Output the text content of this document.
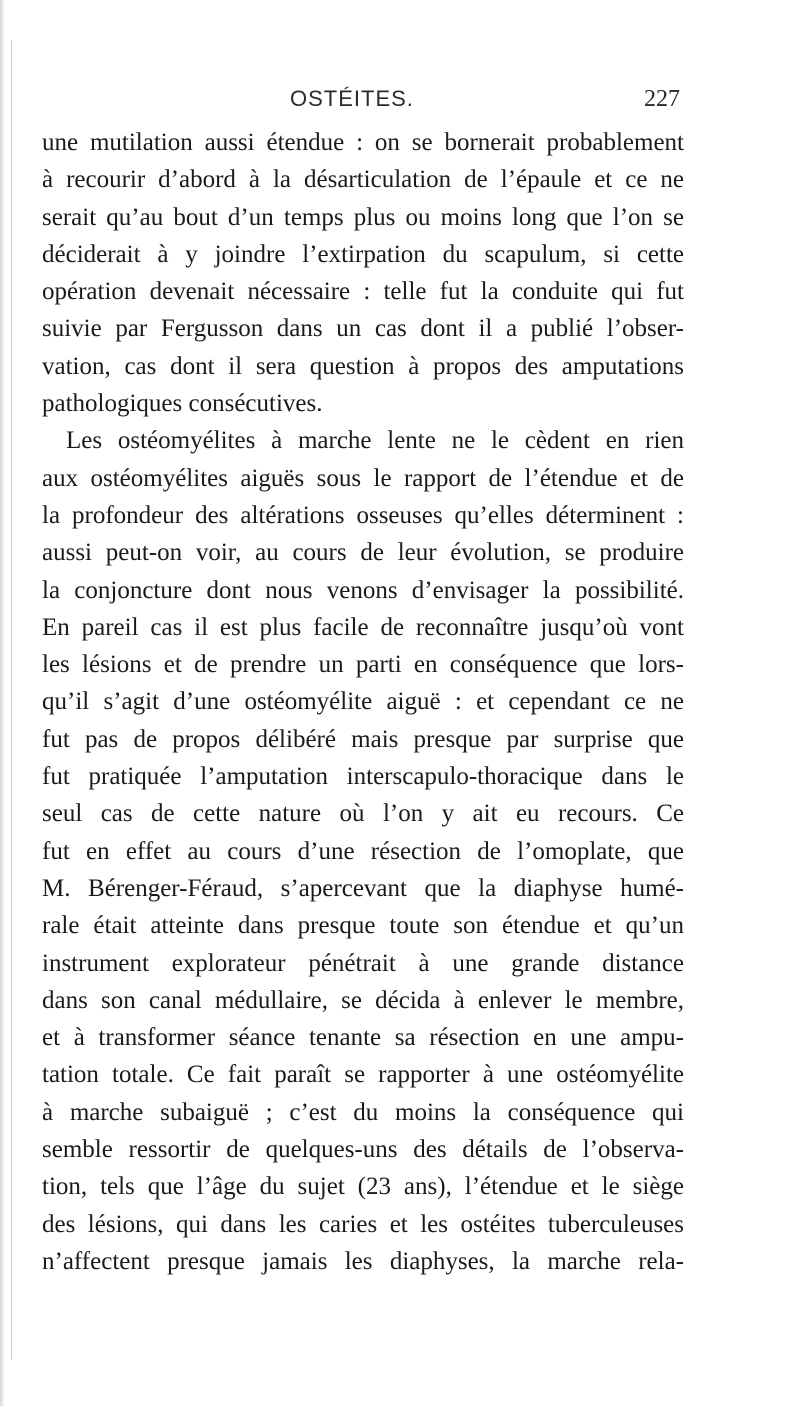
OSTÉITES.	227
une mutilation aussi étendue : on se bornerait probablement
à recourir d’abord à la désarticulation de l’épaule et ce ne
serait qu’au bout d’un temps plus ou moins long que l’on se
déciderait à y joindre l’extirpation du scapulum, si cette
opération devenait nécessaire : telle fut la conduite qui fut
suivie par Fergusson dans un cas dont il a publié l’obser-
vation, cas dont il sera question à propos des amputations
pathologiques consécutives.
Les ostéomyélites à marche lente ne le cèdent en rien
aux ostéomyélites aiguës sous le rapport de l’étendue et de
la profondeur des altérations osseuses qu’elles déterminent :
aussi peut-on voir, au cours de leur évolution, se produire
la conjoncture dont nous venons d’envisager la possibilité.
En pareil cas il est plus facile de reconnaître jusqu’où vont
les lésions et de prendre un parti en conséquence que lors-
qu’il s’agit d’une ostéomyélite aiguë : et cependant ce ne
fut pas de propos délibéré mais presque par surprise que
fut pratiquée l’amputation interscapulo-thoracique dans le
seul cas de cette nature où l’on y ait eu recours. Ce
fut en effet au cours d’une résection de l’omoplate, que
M. Bérenger-Féraud, s’apercevant que la diaphyse humé-
rale était atteinte dans presque toute son étendue et qu’un
instrument explorateur pénétrait à une grande distance
dans son canal médullaire, se décida à enlever le membre,
et à transformer séance tenante sa résection en une ampu-
tation totale. Ce fait paraît se rapporter à une ostéomyélite
à marche subaiguë ; c’est du moins la conséquence qui
semble ressortir de quelques-uns des détails de l’observa-
tion, tels que l’âge du sujet (23 ans), l’étendue et le siège
des lésions, qui dans les caries et les ostéites tuberculeuses
n’affectent presque jamais les diaphyses, la marche rela-
